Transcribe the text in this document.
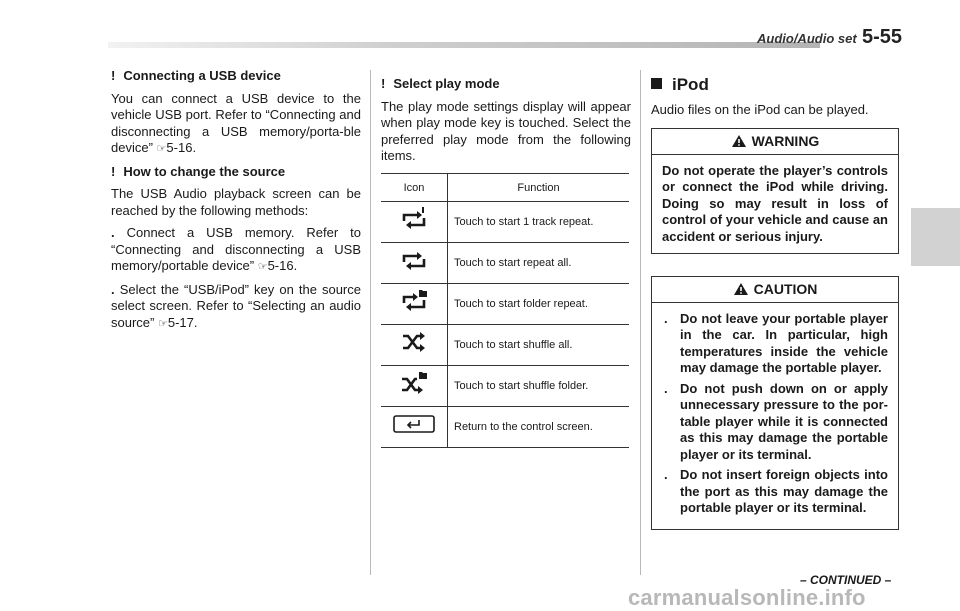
Audio/Audio set 5-55

! Connecting a USB device

You can connect a USB device to the vehicle USB port. Refer to “Connecting and disconnecting a USB memory/porta-ble device” ☞5-16.

! How to change the source

The USB Audio playback screen can be reached by the following methods:

. Connect a USB memory. Refer to “Connecting and disconnecting a USB memory/portable device” ☞5-16.

. Select the “USB/iPod” key on the source select screen. Refer to “Selecting an audio source” ☞5-17.

! Select play mode

The play mode settings display will appear when play mode key is touched. Select the preferred play mode from the following items.

Icon	Function
	Touch to start 1 track repeat.
	Touch to start repeat all.
	Touch to start folder repeat.
	Touch to start shuffle all.
	Touch to start shuffle folder.
	Return to the control screen.
iPod

Audio files on the iPod can be played.

WARNING

Do not operate the player’s controls or connect the iPod while driving. Doing so may result in loss of control of your vehicle and cause an accident or serious injury.

CAUTION
. Do not leave your portable player in the car. In particular, high temperatures inside the vehicle may damage the portable player.
. Do not push down on or apply unnecessary pressure to the por-table player while it is connected as this may damage the portable player or its terminal.
. Do not insert foreign objects into the port as this may damage the portable player or its terminal.
– CONTINUED –
carmanualsonline.info
